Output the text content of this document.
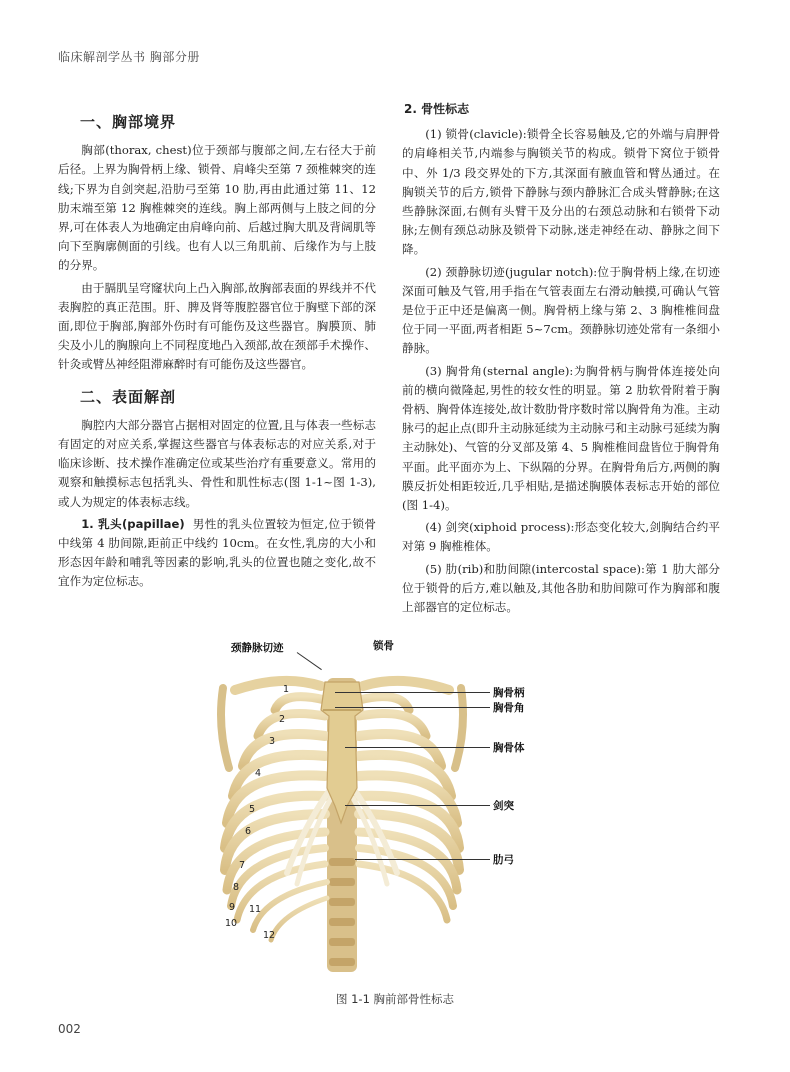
临床解剖学丛书 胸部分册
一、胸部境界

胸部(thorax, chest)位于颈部与腹部之间,左右径大于前后径。上界为胸骨柄上缘、锁骨、肩峰尖至第 7 颈椎棘突的连线;下界为自剑突起,沿肋弓至第 10 肋,再由此通过第 11、12 肋末端至第 12 胸椎棘突的连线。胸上部两侧与上肢之间的分界,可在体表人为地确定由肩峰向前、后越过胸大肌及背阔肌等向下至胸廓侧面的引线。也有人以三角肌前、后缘作为与上肢的分界。

由于膈肌呈穹窿状向上凸入胸部,故胸部表面的界线并不代表胸腔的真正范围。肝、脾及肾等腹腔器官位于胸壁下部的深面,即位于胸部,胸部外伤时有可能伤及这些器官。胸膜顶、肺尖及小儿的胸腺向上不同程度地凸入颈部,故在颈部手术操作、针灸或臂丛神经阻滞麻醉时有可能伤及这些器官。

二、表面解剖

胸腔内大部分器官占据相对固定的位置,且与体表一些标志有固定的对应关系,掌握这些器官与体表标志的对应关系,对于临床诊断、技术操作准确定位或某些治疗有重要意义。常用的观察和触摸标志包括乳头、骨性和肌性标志(图 1-1~图 1-3),或人为规定的体表标志线。

1. 乳头(papillae) 男性的乳头位置较为恒定,位于锁骨中线第 4 肋间隙,距前正中线约 10cm。在女性,乳房的大小和形态因年龄和哺乳等因素的影响,乳头的位置也随之变化,故不宜作为定位标志。

2. 骨性标志

(1) 锁骨(clavicle):锁骨全长容易触及,它的外端与肩胛骨的肩峰相关节,内端参与胸锁关节的构成。锁骨下窝位于锁骨中、外 1/3 段交界处的下方,其深面有腋血管和臂丛通过。在胸锁关节的后方,锁骨下静脉与颈内静脉汇合成头臂静脉;在这些静脉深面,右侧有头臂干及分出的右颈总动脉和右锁骨下动脉;左侧有颈总动脉及锁骨下动脉,迷走神经在动、静脉之间下降。

(2) 颈静脉切迹(jugular notch):位于胸骨柄上缘,在切迹深面可触及气管,用手指在气管表面左右滑动触摸,可确认气管是位于正中还是偏离一侧。胸骨柄上缘与第 2、3 胸椎椎间盘位于同一平面,两者相距 5~7cm。颈静脉切迹处常有一条细小静脉。

(3) 胸骨角(sternal angle):为胸骨柄与胸骨体连接处向前的横向微隆起,男性的较女性的明显。第 2 肋软骨附着于胸骨柄、胸骨体连接处,故计数肋骨序数时常以胸骨角为准。主动脉弓的起止点(即升主动脉延续为主动脉弓和主动脉弓延续为胸主动脉处)、气管的分叉部及第 4、5 胸椎椎间盘皆位于胸骨角平面。此平面亦为上、下纵隔的分界。在胸骨角后方,两侧的胸膜反折处相距较近,几乎相贴,是描述胸膜体表标志开始的部位(图 1-4)。

(4) 剑突(xiphoid process):形态变化较大,剑胸结合约平对第 9 胸椎椎体。

(5) 肋(rib)和肋间隙(intercostal space):第 1 肋大部分位于锁骨的后方,难以触及,其他各肋和肋间隙可作为胸部和腹上部器官的定位标志。

颈静脉切迹	锁骨
1
2
3
4
5
6
7
8
9
10
11
12
胸骨柄
胸骨角
胸骨体
剑突
肋弓
图 1-1 胸前部骨性标志
002
